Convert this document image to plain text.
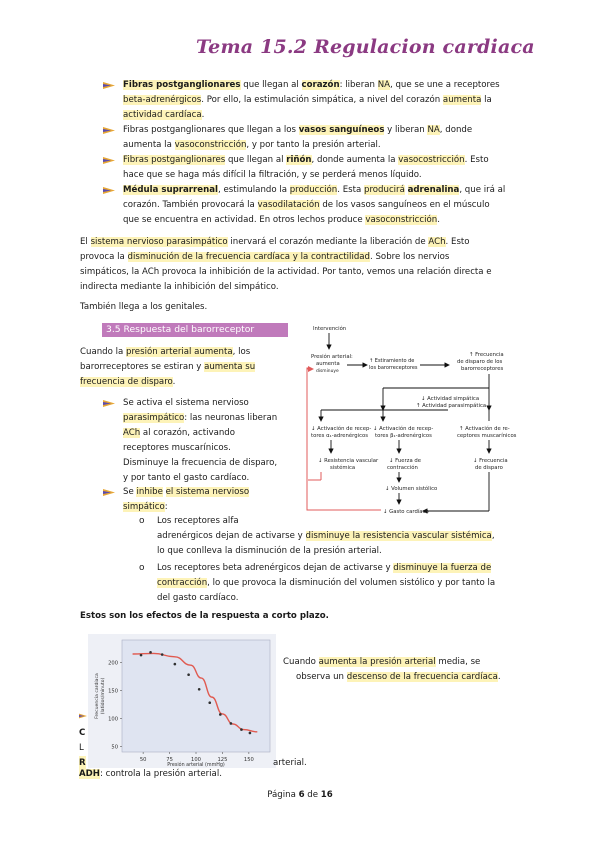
Tema 15.2 Regulacion cardiaca
Fibras postganglionares que llegan al corazón: liberan NA, que se une a receptores
beta-adrenérgicos. Por ello, la estimulación simpática, a nivel del corazón aumenta la
actividad cardíaca.
Fibras postganglionares que llegan a los vasos sanguíneos y liberan NA, donde
aumenta la vasoconstricción, y por tanto la presión arterial.
Fibras postganglionares que llegan al riñón, donde aumenta la vasocostricción. Esto
hace que se haga más difícil la filtración, y se perderá menos líquido.
Médula suprarrenal, estimulando la producción. Esta producirá adrenalina, que irá al
corazón. También provocará la vasodilatación de los vasos sanguíneos en el músculo
que se encuentra en actividad. En otros lechos produce vasoconstricción.
El sistema nervioso parasimpático inervará el corazón mediante la liberación de ACh. Esto
provoca la disminución de la frecuencia cardíaca y la contractilidad. Sobre los nervios
simpáticos, la ACh provoca la inhibición de la actividad. Por tanto, vemos una relación directa e
indirecta mediante la inhibición del simpático.
También llega a los genitales.
3.5 Respuesta del barorreceptor
Cuando la presión arterial aumenta, los
barorreceptores se estiran y aumenta su
frecuencia de disparo.
Se activa el sistema nervioso
parasimpático: las neuronas liberan
ACh al corazón, activando
receptores muscarínicos.
Disminuye la frecuencia de disparo,
y por tanto el gasto cardíaco.
Se inhibe el sistema nervioso
simpático:
o Los receptores alfa
adrenérgicos dejan de activarse y disminuye la resistencia vascular sistémica,
lo que conlleva la disminución de la presión arterial.
o Los receptores beta adrenérgicos dejan de activarse y disminuye la fuerza de
contracción, lo que provoca la disminución del volumen sistólico y por tanto la
del gasto cardíaco.
Estos son los efectos de la respuesta a corto plazo.
Intervención
Presión arterial:
aumenta
disminuye
↑ Estiramiento de los barorreceptores
↑ Frecuencia
de disparo de los
barorreceptores
↓ Actividad simpática
↑ Actividad parasimpática
↓ Activación de recep-
tores α₁-adrenérgicos
↓ Activación de recep-
tores β₁-adrenérgicos
↑ Activación de re-
ceptores muscarínicos
↓ Resistencia vascular
sistémica
↓ Fuerza de
contracción
↓ Frecuencia
de disparo
↓ Volumen sistólico
↓ Gasto cardíaco
50
100
150
200
50	75	100	125	150
Presión arterial (mmHg)
Frecuencia cardíaca (latidos/minuto)
Cuando aumenta la presión arterial media, se
observa un descenso de la frecuencia cardíaca.
C
L
R	arterial.
ADH: controla la presión arterial.
Página 6 de 16
